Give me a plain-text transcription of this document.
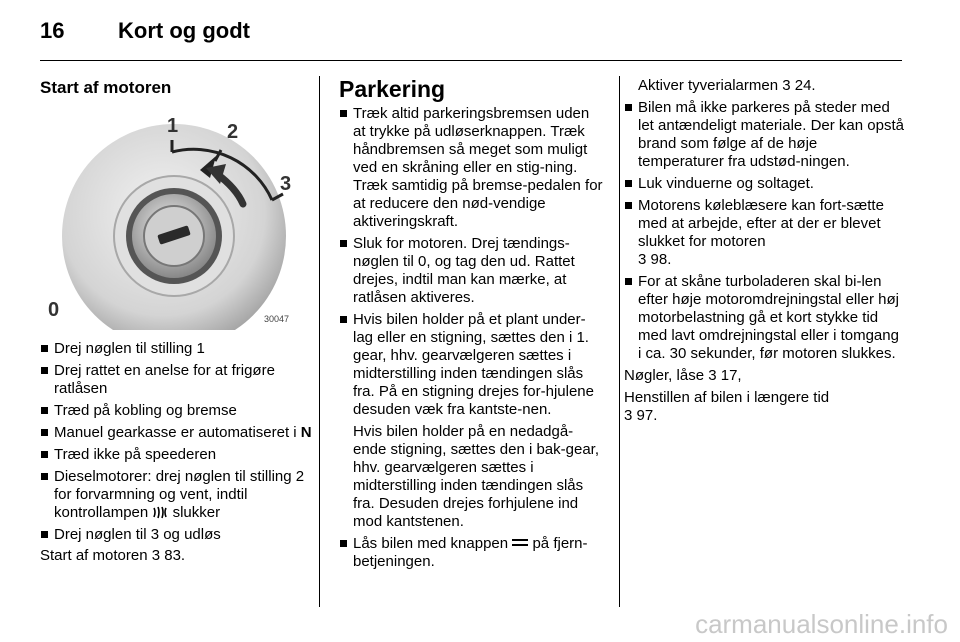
16 Kort og godt
Start af motoren
1 2
3
0	30047
Drej nøglen til stilling 1
Drej rattet en anelse for at frigøre ratlåsen
Træd på kobling og bremse
Manuel gearkasse er automatiseret i N
Træd ikke på speederen
Dieselmotorer: drej nøglen til stilling 2 for forvarmning og vent, indtil kontrollampen slukker
Drej nøglen til 3 og udløs

Start af motoren 3 83.

Parkering
Træk altid parkeringsbremsen uden at trykke på udløserknappen. Træk håndbremsen så meget som muligt ved en skråning eller en stig-ning. Træk samtidig på bremse-pedalen for at reducere den nød-vendige aktiveringskraft.
Sluk for motoren. Drej tændings-nøglen til 0, og tag den ud. Rattet drejes, indtil man kan mærke, at ratlåsen aktiveres.
Hvis bilen holder på et plant under-lag eller en stigning, sættes den i 1. gear, hhv. gearvælgeren sættes i midterstilling inden tændingen slås fra. På en stigning drejes for-hjulene desuden væk fra kantste-nen.

Hvis bilen holder på en nedadgå-ende stigning, sættes den i bak-gear, hhv. gearvælgeren sættes i midterstilling inden tændingen slås fra. Desuden drejes forhjulene ind mod kantstenen.

Lås bilen med knappen på fjern-betjeningen.

Aktiver tyverialarmen 3 24.

Bilen må ikke parkeres på steder med let antændeligt materiale. Der kan opstå brand som følge af de høje temperaturer fra udstød-ningen.
Luk vinduerne og soltaget.
Motorens køleblæsere kan fort-sætte med at arbejde, efter at der er blevet slukket for motoren
3 98.
For at skåne turboladeren skal bi-len efter høje motoromdrejningstal eller høj motorbelastning gå et kort stykke tid med lavt omdrejningstal eller i tomgang i ca. 30 sekunder, før motoren slukkes.

Nøgler, låse 3 17,

Henstillen af bilen i længere tid
3 97.

carmanualsonline.info
